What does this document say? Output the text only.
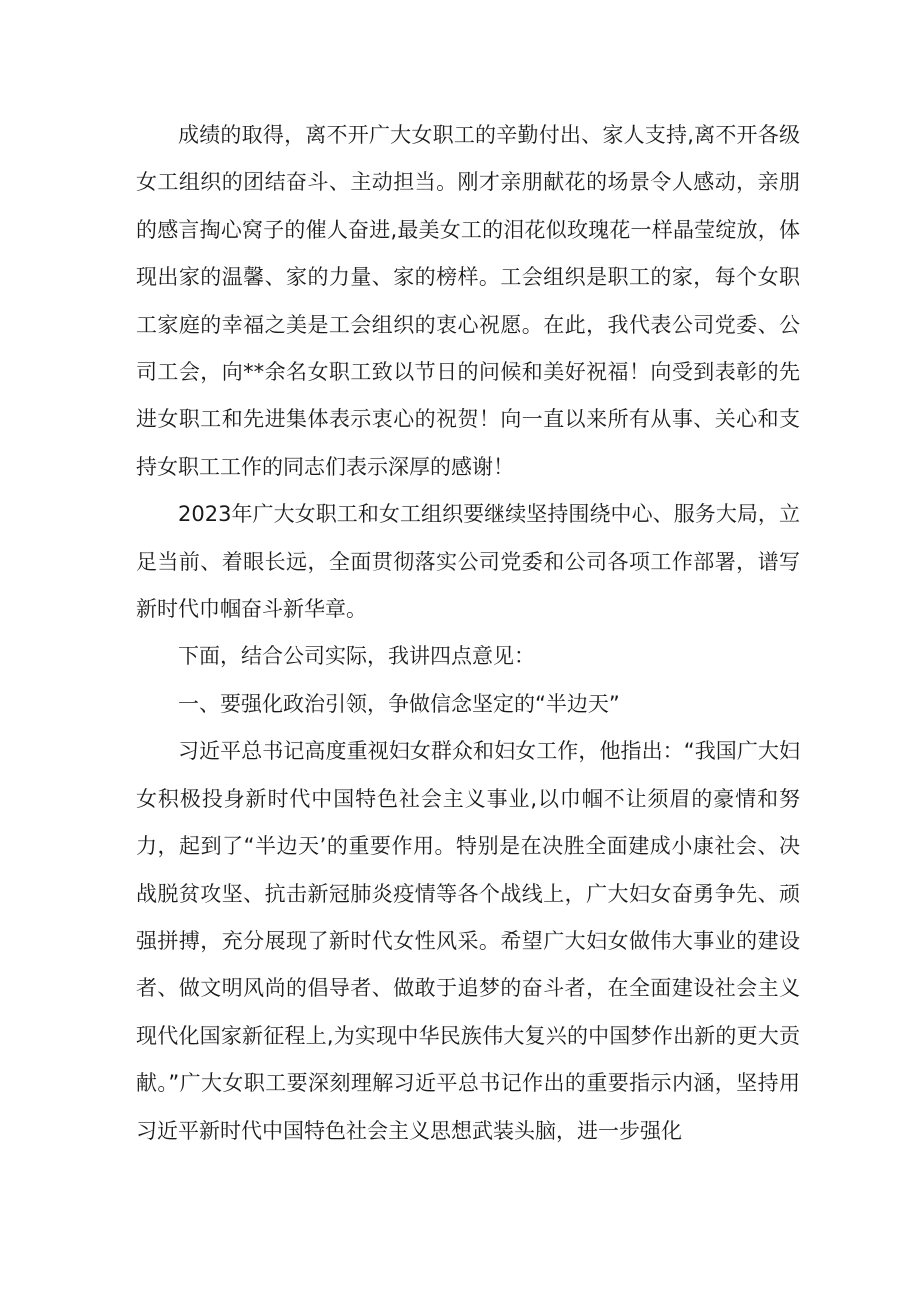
成绩的取得，离不开广大女职工的辛勤付出、家人支持,离不开各级女工组织的团结奋斗、主动担当。刚才亲朋献花的场景令人感动，亲朋的感言掏心窝子的催人奋进,最美女工的泪花似玫瑰花一样晶莹绽放，体现出家的温馨、家的力量、家的榜样。工会组织是职工的家，每个女职工家庭的幸福之美是工会组织的衷心祝愿。在此，我代表公司党委、公司工会，向**余名女职工致以节日的问候和美好祝福！向受到表彰的先进女职工和先进集体表示衷心的祝贺！向一直以来所有从事、关心和支持女职工工作的同志们表示深厚的感谢！

2023年广大女职工和女工组织要继续坚持围绕中心、服务大局，立足当前、着眼长远，全面贯彻落实公司党委和公司各项工作部署，谱写新时代巾帼奋斗新华章。

下面，结合公司实际，我讲四点意见：

一、要强化政治引领，争做信念坚定的“半边天”

习近平总书记高度重视妇女群众和妇女工作，他指出：“我国广大妇女积极投身新时代中国特色社会主义事业,以巾帼不让须眉的豪情和努力，起到了“半边天’的重要作用。特别是在决胜全面建成小康社会、决战脱贫攻坚、抗击新冠肺炎疫情等各个战线上，广大妇女奋勇争先、顽强拼搏，充分展现了新时代女性风采。希望广大妇女做伟大事业的建设者、做文明风尚的倡导者、做敢于追梦的奋斗者，在全面建设社会主义现代化国家新征程上,为实现中华民族伟大复兴的中国梦作出新的更大贡献。”广大女职工要深刻理解习近平总书记作出的重要指示内涵，坚持用习近平新时代中国特色社会主义思想武装头脑，进一步强化
